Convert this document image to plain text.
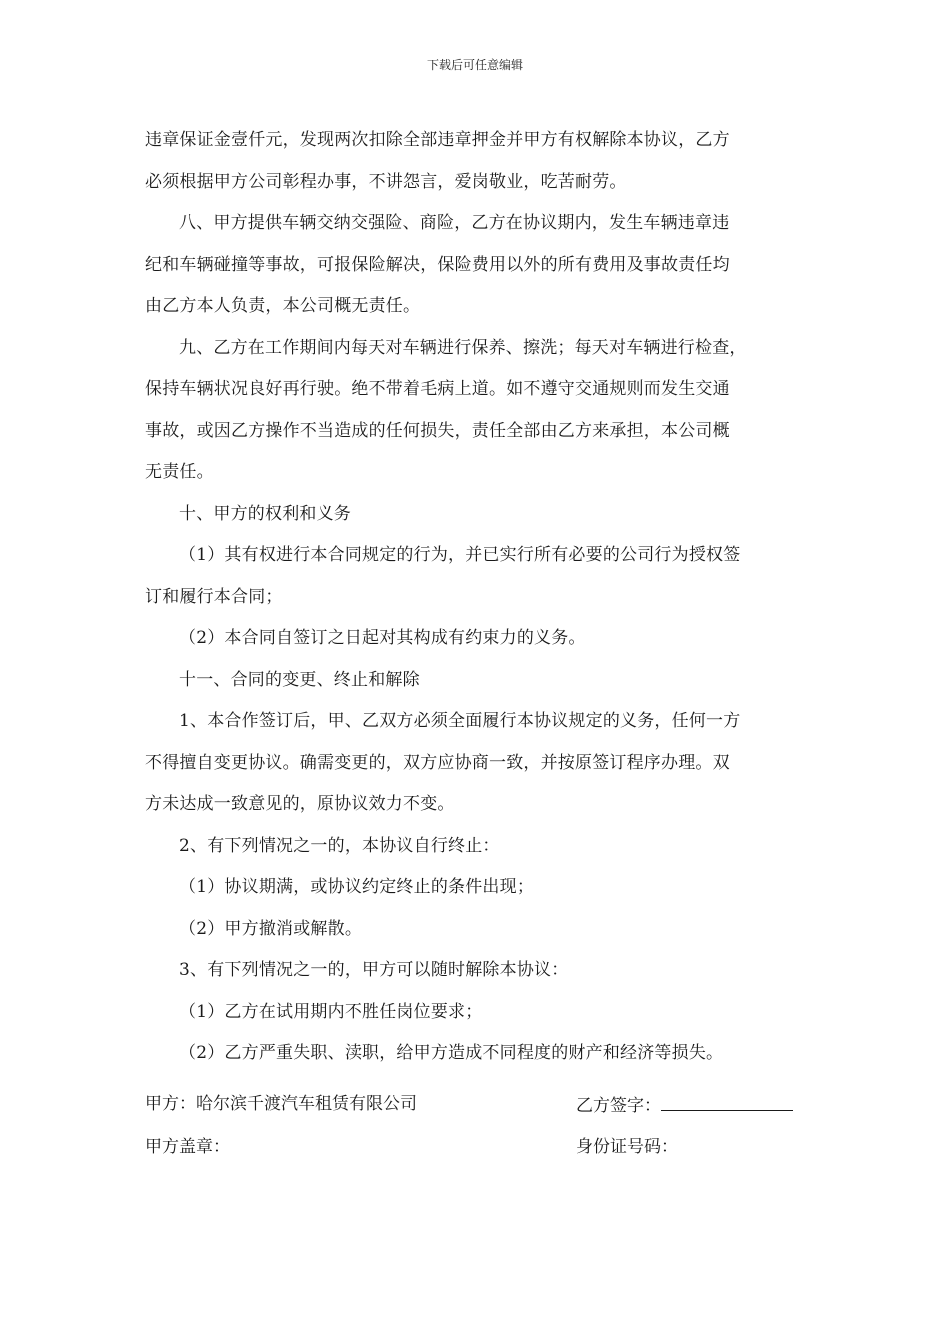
下载后可任意编辑

违章保证金壹仟元，发现两次扣除全部违章押金并甲方有权解除本协议，乙方

必须根据甲方公司彰程办事，不讲怨言，爱岗敬业，吃苦耐劳。

八、甲方提供车辆交纳交强险、商险，乙方在协议期内，发生车辆违章违

纪和车辆碰撞等事故，可报保险解决，保险费用以外的所有费用及事故责任均

由乙方本人负责，本公司概无责任。

九、乙方在工作期间内每天对车辆进行保养、擦洗；每天对车辆进行检查，

保持车辆状况良好再行驶。绝不带着毛病上道。如不遵守交通规则而发生交通

事故，或因乙方操作不当造成的任何损失，责任全部由乙方来承担，本公司概

无责任。

十、甲方的权利和义务

（1）其有权进行本合同规定的行为，并已实行所有必要的公司行为授权签

订和履行本合同；

（2）本合同自签订之日起对其构成有约束力的义务。

十一、合同的变更、终止和解除

1、本合作签订后，甲、乙双方必须全面履行本协议规定的义务，任何一方

不得擅自变更协议。确需变更的，双方应协商一致，并按原签订程序办理。双

方未达成一致意见的，原协议效力不变。

2、有下列情况之一的，本协议自行终止：

（1）协议期满，或协议约定终止的条件出现；

（2）甲方撤消或解散。

3、有下列情况之一的，甲方可以随时解除本协议：

（1）乙方在试用期内不胜任岗位要求；

（2）乙方严重失职、渎职，给甲方造成不同程度的财产和经济等损失。

甲方：哈尔滨千渡汽车租赁有限公司	乙方签字：
甲方盖章：	身份证号码：
